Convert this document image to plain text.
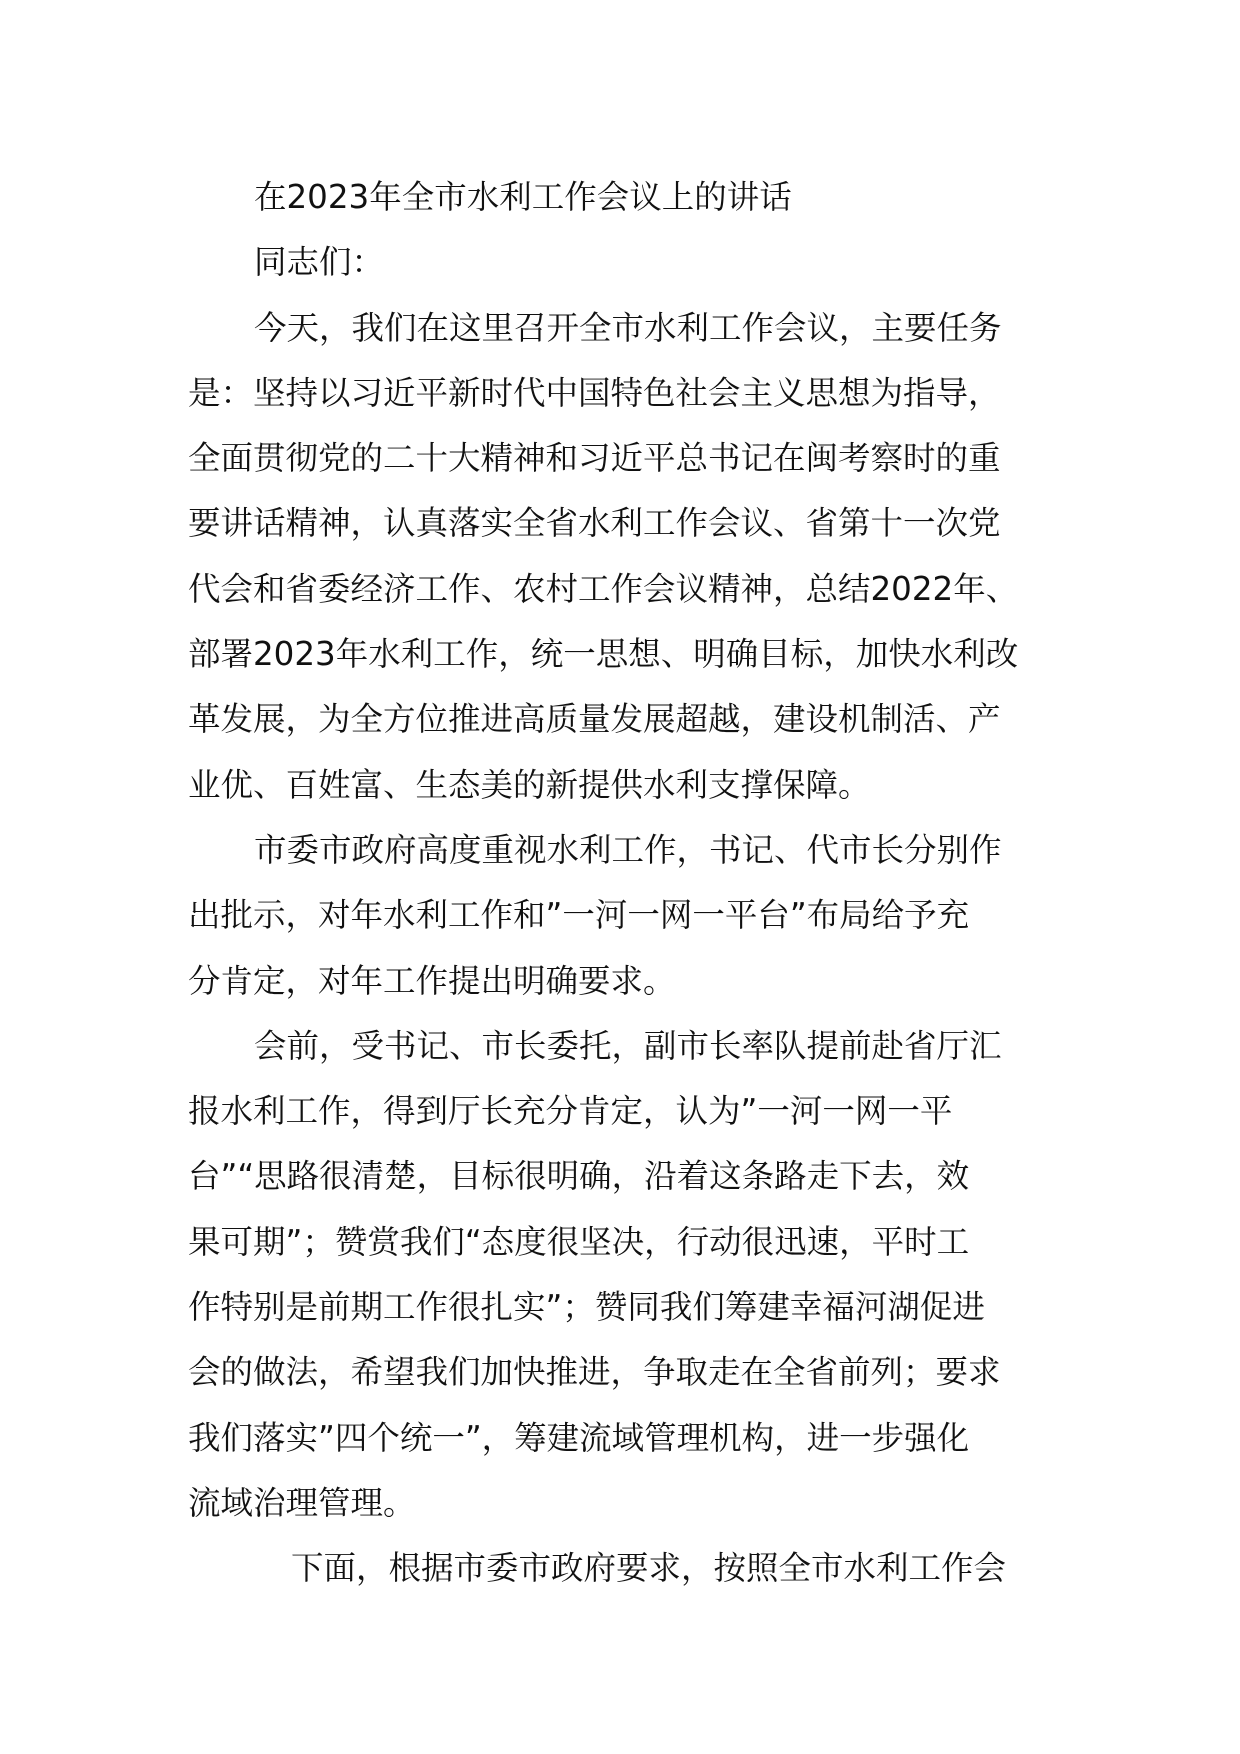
在2023年全市水利工作会议上的讲话
同志们：
今天，我们在这里召开全市水利工作会议，主要任务
是：坚持以习近平新时代中国特色社会主义思想为指导，
全面贯彻党的二十大精神和习近平总书记在闽考察时的重
要讲话精神，认真落实全省水利工作会议、省第十一次党
代会和省委经济工作、农村工作会议精神，总结2022年、
部署2023年水利工作，统一思想、明确目标，加快水利改
革发展，为全方位推进高质量发展超越，建设机制活、产
业优、百姓富、生态美的新提供水利支撑保障。
市委市政府高度重视水利工作，书记、代市长分别作
出批示，对年水利工作和”一河一网一平台”布局给予充
分肯定，对年工作提出明确要求。
会前，受书记、市长委托，副市长率队提前赴省厅汇
报水利工作，得到厅长充分肯定，认为”一河一网一平
台”“思路很清楚，目标很明确，沿着这条路走下去，效
果可期”；赞赏我们“态度很坚决，行动很迅速，平时工
作特别是前期工作很扎实”；赞同我们筹建幸福河湖促进
会的做法，希望我们加快推进，争取走在全省前列；要求
我们落实”四个统一”，筹建流域管理机构，进一步强化
流域治理管理。
下面，根据市委市政府要求，按照全市水利工作会
